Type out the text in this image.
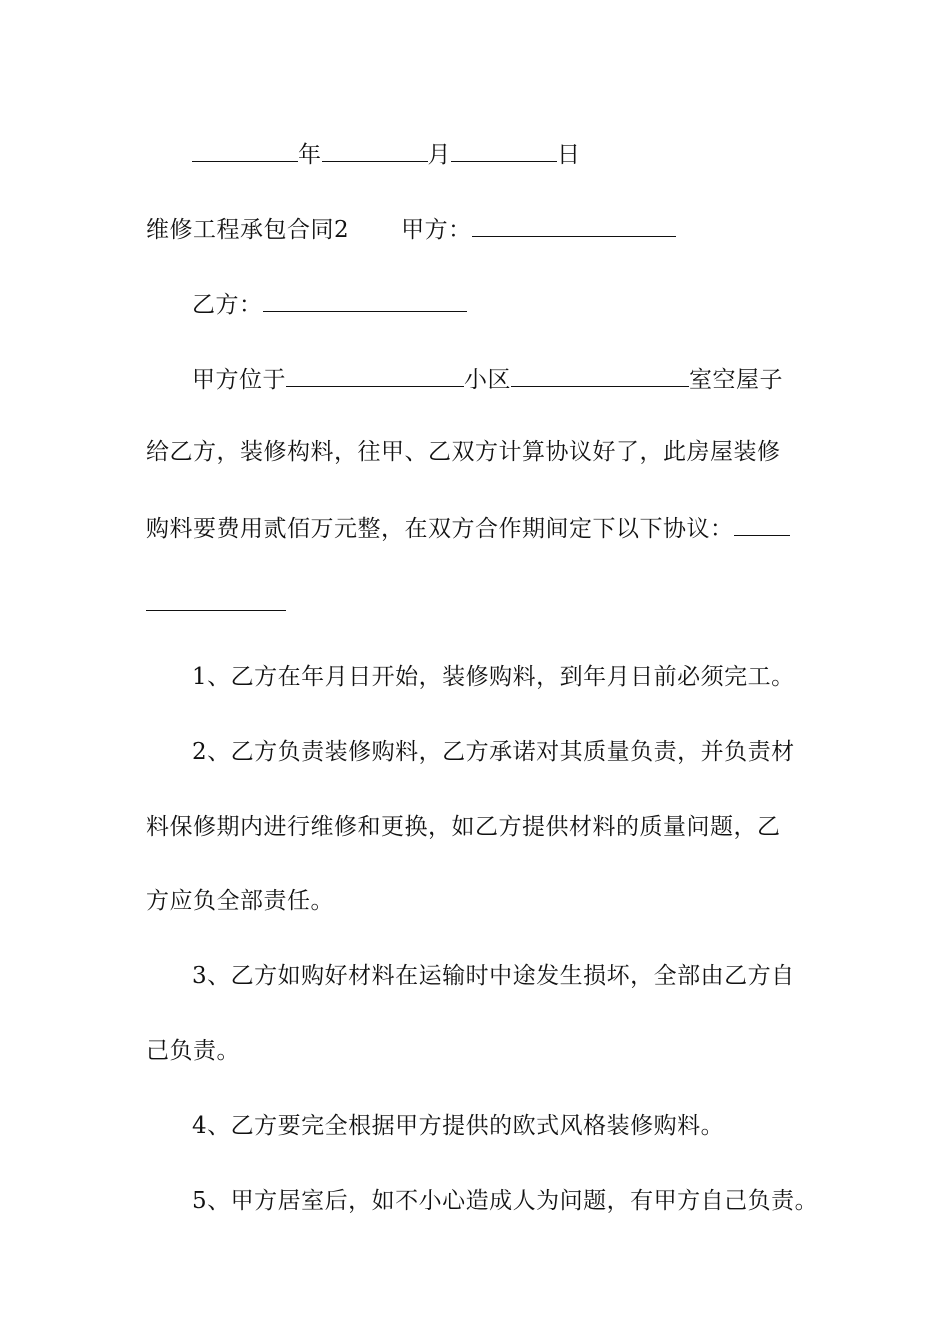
年	月	日
维修工程承包合同2 甲方：
乙方：
甲方位于	小区	室空屋子
给乙方，装修构料，往甲、乙双方计算协议好了，此房屋装修
购料要费用贰佰万元整，在双方合作期间定下以下协议：
1、乙方在年月日开始，装修购料，到年月日前必须完工。
2、乙方负责装修购料，乙方承诺对其质量负责，并负责材
料保修期内进行维修和更换，如乙方提供材料的质量问题，乙
方应负全部责任。
3、乙方如购好材料在运输时中途发生损坏，全部由乙方自
己负责。
4、乙方要完全根据甲方提供的欧式风格装修购料。
5、甲方居室后，如不小心造成人为问题，有甲方自己负责。
